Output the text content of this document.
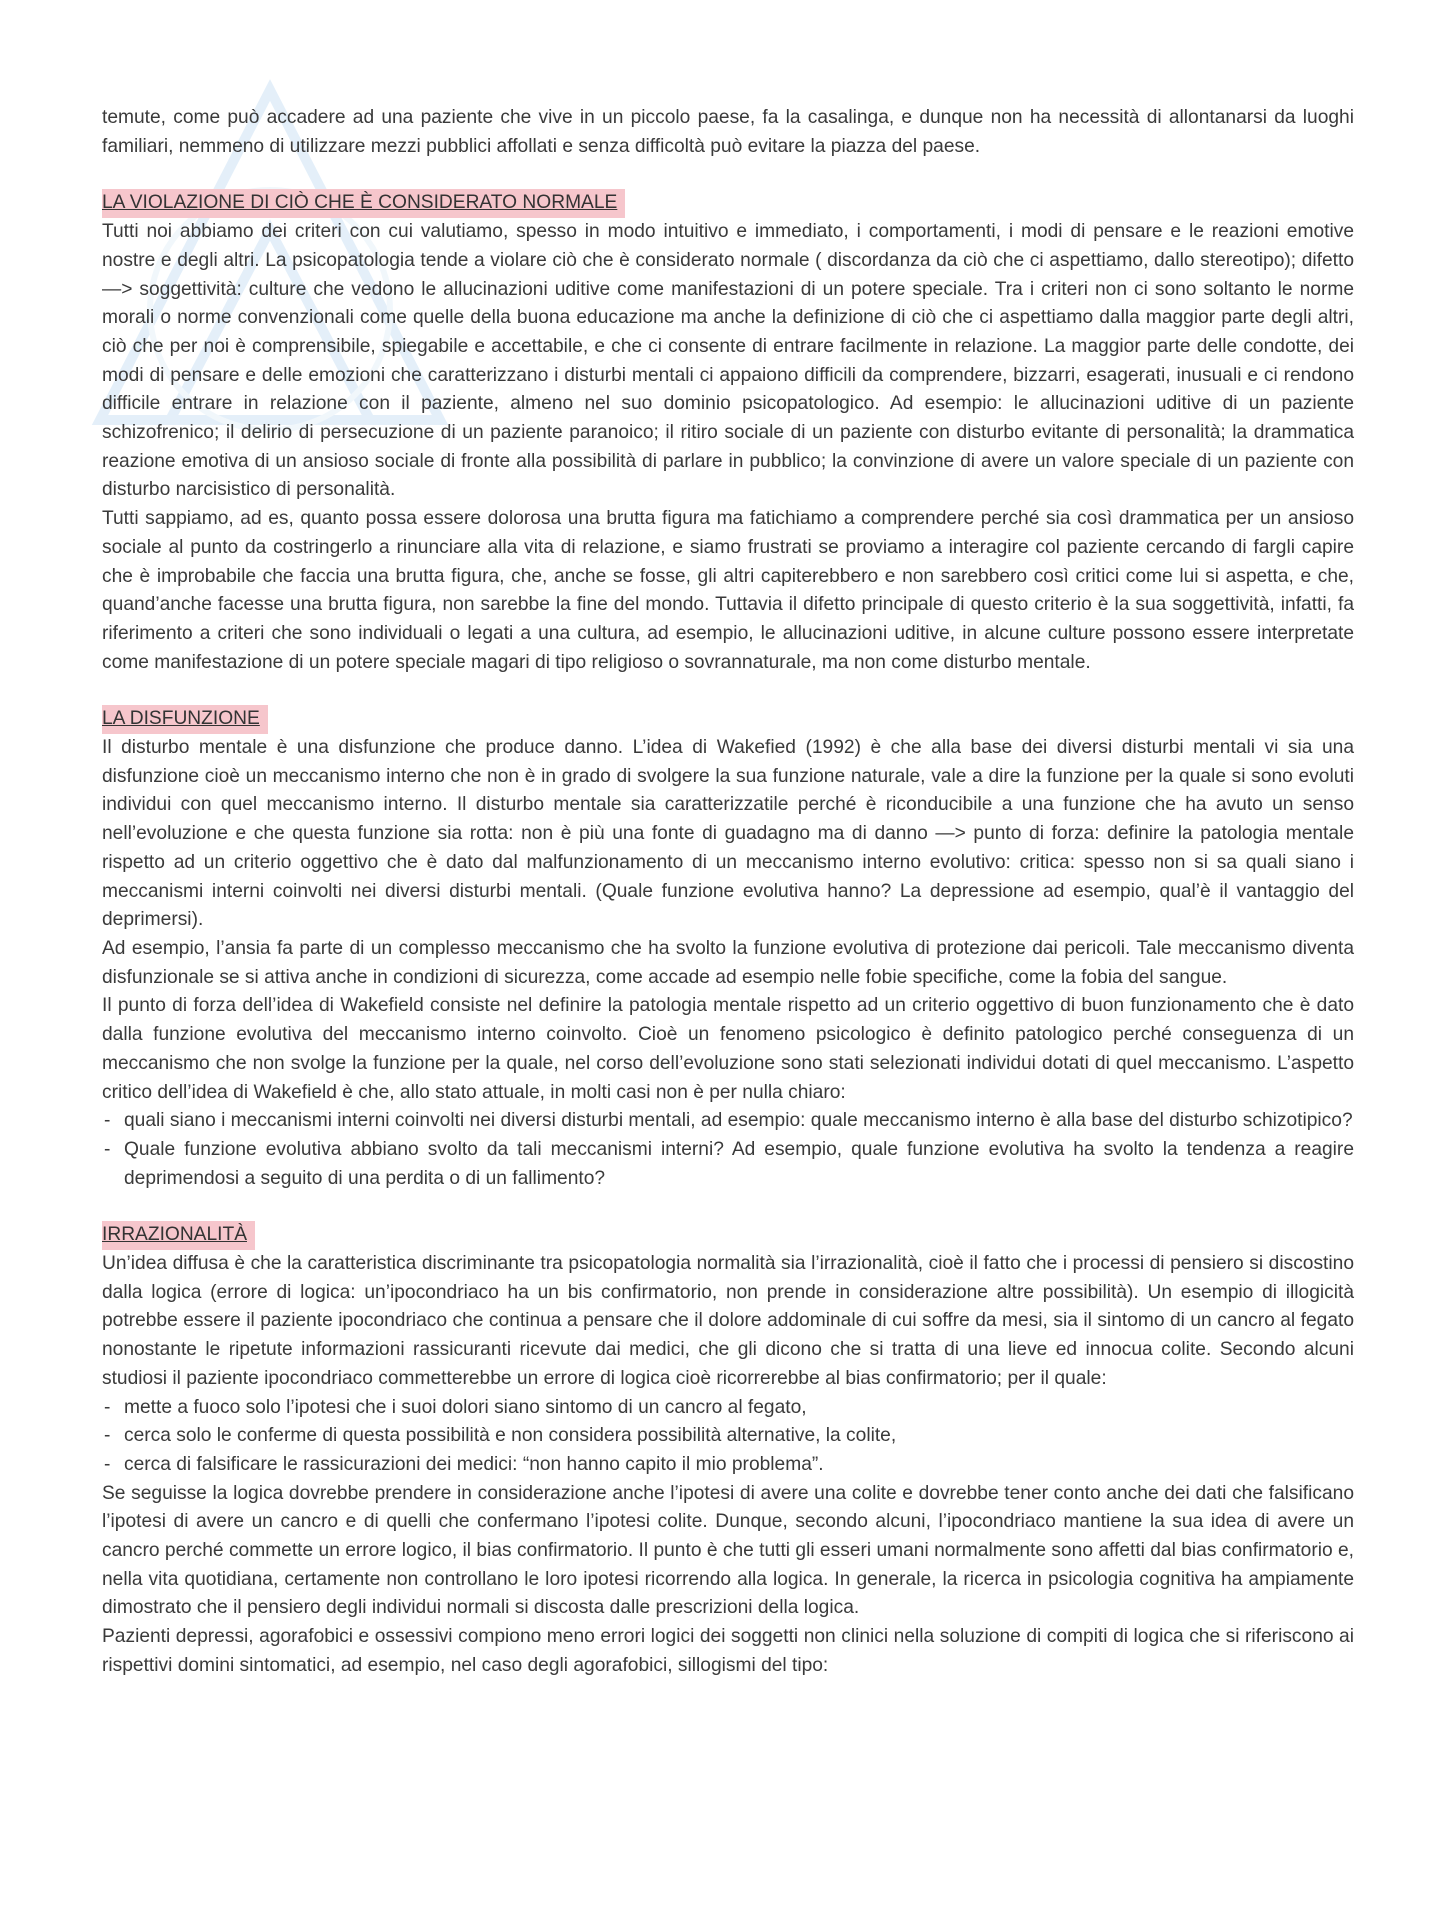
temute, come può accadere ad una paziente che vive in un piccolo paese, fa la casalinga, e dunque non ha necessità di allontanarsi da luoghi familiari, nemmeno di utilizzare mezzi pubblici affollati e senza difficoltà può evitare la piazza del paese.

LA VIOLAZIONE DI CIÒ CHE È CONSIDERATO NORMALE

Tutti noi abbiamo dei criteri con cui valutiamo, spesso in modo intuitivo e immediato, i comportamenti, i modi di pensare e le reazioni emotive nostre e degli altri. La psicopatologia tende a violare ciò che è considerato normale ( discordanza da ciò che ci aspettiamo, dallo stereotipo); difetto —> soggettività: culture che vedono le allucinazioni uditive come manifestazioni di un potere speciale. Tra i criteri non ci sono soltanto le norme morali o norme convenzionali come quelle della buona educazione ma anche la definizione di ciò che ci aspettiamo dalla maggior parte degli altri, ciò che per noi è comprensibile, spiegabile e accettabile, e che ci consente di entrare facilmente in relazione. La maggior parte delle condotte, dei modi di pensare e delle emozioni che caratterizzano i disturbi mentali ci appaiono difficili da comprendere, bizzarri, esagerati, inusuali e ci rendono difficile entrare in relazione con il paziente, almeno nel suo dominio psicopatologico. Ad esempio: le allucinazioni uditive di un paziente schizofrenico; il delirio di persecuzione di un paziente paranoico; il ritiro sociale di un paziente con disturbo evitante di personalità; la drammatica reazione emotiva di un ansioso sociale di fronte alla possibilità di parlare in pubblico; la convinzione di avere un valore speciale di un paziente con disturbo narcisistico di personalità.

Tutti sappiamo, ad es, quanto possa essere dolorosa una brutta figura ma fatichiamo a comprendere perché sia così drammatica per un ansioso sociale al punto da costringerlo a rinunciare alla vita di relazione, e siamo frustrati se proviamo a interagire col paziente cercando di fargli capire che è improbabile che faccia una brutta figura, che, anche se fosse, gli altri capiterebbero e non sarebbero così critici come lui si aspetta, e che, quand’anche facesse una brutta figura, non sarebbe la fine del mondo. Tuttavia il difetto principale di questo criterio è la sua soggettività, infatti, fa riferimento a criteri che sono individuali o legati a una cultura, ad esempio, le allucinazioni uditive, in alcune culture possono essere interpretate come manifestazione di un potere speciale magari di tipo religioso o sovrannaturale, ma non come disturbo mentale.

LA DISFUNZIONE

Il disturbo mentale è una disfunzione che produce danno. L’idea di Wakefied (1992) è che alla base dei diversi disturbi mentali vi sia una disfunzione cioè un meccanismo interno che non è in grado di svolgere la sua funzione naturale, vale a dire la funzione per la quale si sono evoluti individui con quel meccanismo interno. Il disturbo mentale sia caratterizzatile perché è riconducibile a una funzione che ha avuto un senso nell’evoluzione e che questa funzione sia rotta: non è più una fonte di guadagno ma di danno —> punto di forza: definire la patologia mentale rispetto ad un criterio oggettivo che è dato dal malfunzionamento di un meccanismo interno evolutivo: critica: spesso non si sa quali siano i meccanismi interni coinvolti nei diversi disturbi mentali. (Quale funzione evolutiva hanno? La depressione ad esempio, qual’è il vantaggio del deprimersi).

Ad esempio, l’ansia fa parte di un complesso meccanismo che ha svolto la funzione evolutiva di protezione dai pericoli. Tale meccanismo diventa disfunzionale se si attiva anche in condizioni di sicurezza, come accade ad esempio nelle fobie specifiche, come la fobia del sangue.

Il punto di forza dell’idea di Wakefield consiste nel definire la patologia mentale rispetto ad un criterio oggettivo di buon funzionamento che è dato dalla funzione evolutiva del meccanismo interno coinvolto. Cioè un fenomeno psicologico è definito patologico perché conseguenza di un meccanismo che non svolge la funzione per la quale, nel corso dell’evoluzione sono stati selezionati individui dotati di quel meccanismo. L’aspetto critico dell’idea di Wakefield è che, allo stato attuale, in molti casi non è per nulla chiaro:

- quali siano i meccanismi interni coinvolti nei diversi disturbi mentali, ad esempio: quale meccanismo interno è alla base del disturbo schizotipico?
- Quale funzione evolutiva abbiano svolto da tali meccanismi interni? Ad esempio, quale funzione evolutiva ha svolto la tendenza a reagire deprimendosi a seguito di una perdita o di un fallimento?
IRRAZIONALITÀ

Un’idea diffusa è che la caratteristica discriminante tra psicopatologia normalità sia l’irrazionalità, cioè il fatto che i processi di pensiero si discostino dalla logica (errore di logica: un’ipocondriaco ha un bis confirmatorio, non prende in considerazione altre possibilità). Un esempio di illogicità potrebbe essere il paziente ipocondriaco che continua a pensare che il dolore addominale di cui soffre da mesi, sia il sintomo di un cancro al fegato nonostante le ripetute informazioni rassicuranti ricevute dai medici, che gli dicono che si tratta di una lieve ed innocua colite. Secondo alcuni studiosi il paziente ipocondriaco commetterebbe un errore di logica cioè ricorrerebbe al bias confirmatorio; per il quale:

- mette a fuoco solo l’ipotesi che i suoi dolori siano sintomo di un cancro al fegato,
- cerca solo le conferme di questa possibilità e non considera possibilità alternative, la colite,
- cerca di falsificare le rassicurazioni dei medici: “non hanno capito il mio problema”.

Se seguisse la logica dovrebbe prendere in considerazione anche l’ipotesi di avere una colite e dovrebbe tener conto anche dei dati che falsificano l’ipotesi di avere un cancro e di quelli che confermano l’ipotesi colite. Dunque, secondo alcuni, l’ipocondriaco mantiene la sua idea di avere un cancro perché commette un errore logico, il bias confirmatorio. Il punto è che tutti gli esseri umani normalmente sono affetti dal bias confirmatorio e, nella vita quotidiana, certamente non controllano le loro ipotesi ricorrendo alla logica. In generale, la ricerca in psicologia cognitiva ha ampiamente dimostrato che il pensiero degli individui normali si discosta dalle prescrizioni della logica.

Pazienti depressi, agorafobici e ossessivi compiono meno errori logici dei soggetti non clinici nella soluzione di compiti di logica che si riferiscono ai rispettivi domini sintomatici, ad esempio, nel caso degli agorafobici, sillogismi del tipo:
